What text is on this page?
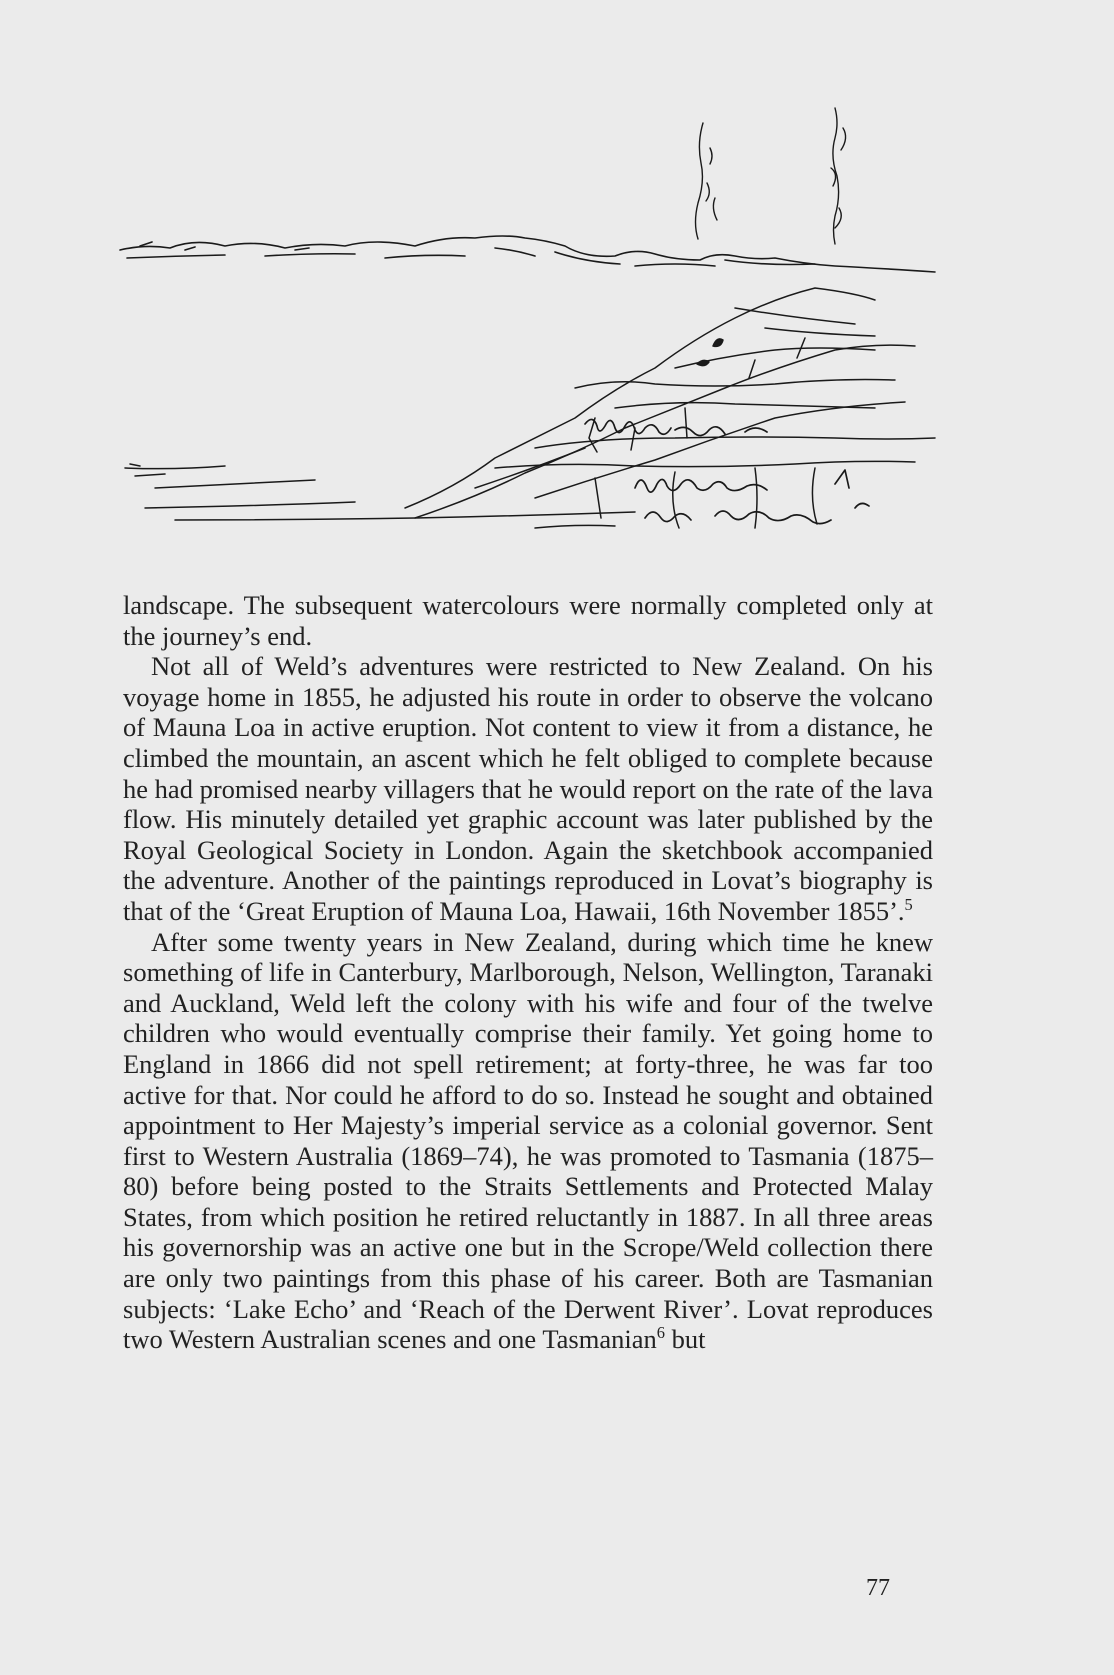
landscape. The subsequent watercolours were normally completed only at the journey’s end.

Not all of Weld’s adventures were restricted to New Zealand. On his voyage home in 1855, he adjusted his route in order to observe the volcano of Mauna Loa in active eruption. Not content to view it from a distance, he climbed the mountain, an ascent which he felt obliged to complete because he had promised nearby villagers that he would report on the rate of the lava flow. His minutely detailed yet graphic account was later published by the Royal Geological Society in London. Again the sketchbook accompanied the adventure. Another of the paintings reproduced in Lovat’s biography is that of the ‘Great Eruption of Mauna Loa, Hawaii, 16th November 1855’.$^5$

After some twenty years in New Zealand, during which time he knew something of life in Canterbury, Marlborough, Nelson, Wellington, Taranaki and Auckland, Weld left the colony with his wife and four of the twelve children who would eventually comprise their family. Yet going home to England in 1866 did not spell retirement; at forty-three, he was far too active for that. Nor could he afford to do so. Instead he sought and obtained appointment to Her Majesty’s imperial service as a colonial governor. Sent first to Western Australia (1869–74), he was promoted to Tasmania (1875–80) before being posted to the Straits Settlements and Protected Malay States, from which position he retired reluctantly in 1887. In all three areas his governorship was an active one but in the Scrope/Weld collection there are only two paintings from this phase of his career. Both are Tasmanian subjects: ‘Lake Echo’ and ‘Reach of the Derwent River’. Lovat reproduces two Western Australian scenes and one Tasmanian$^6$ but

77
